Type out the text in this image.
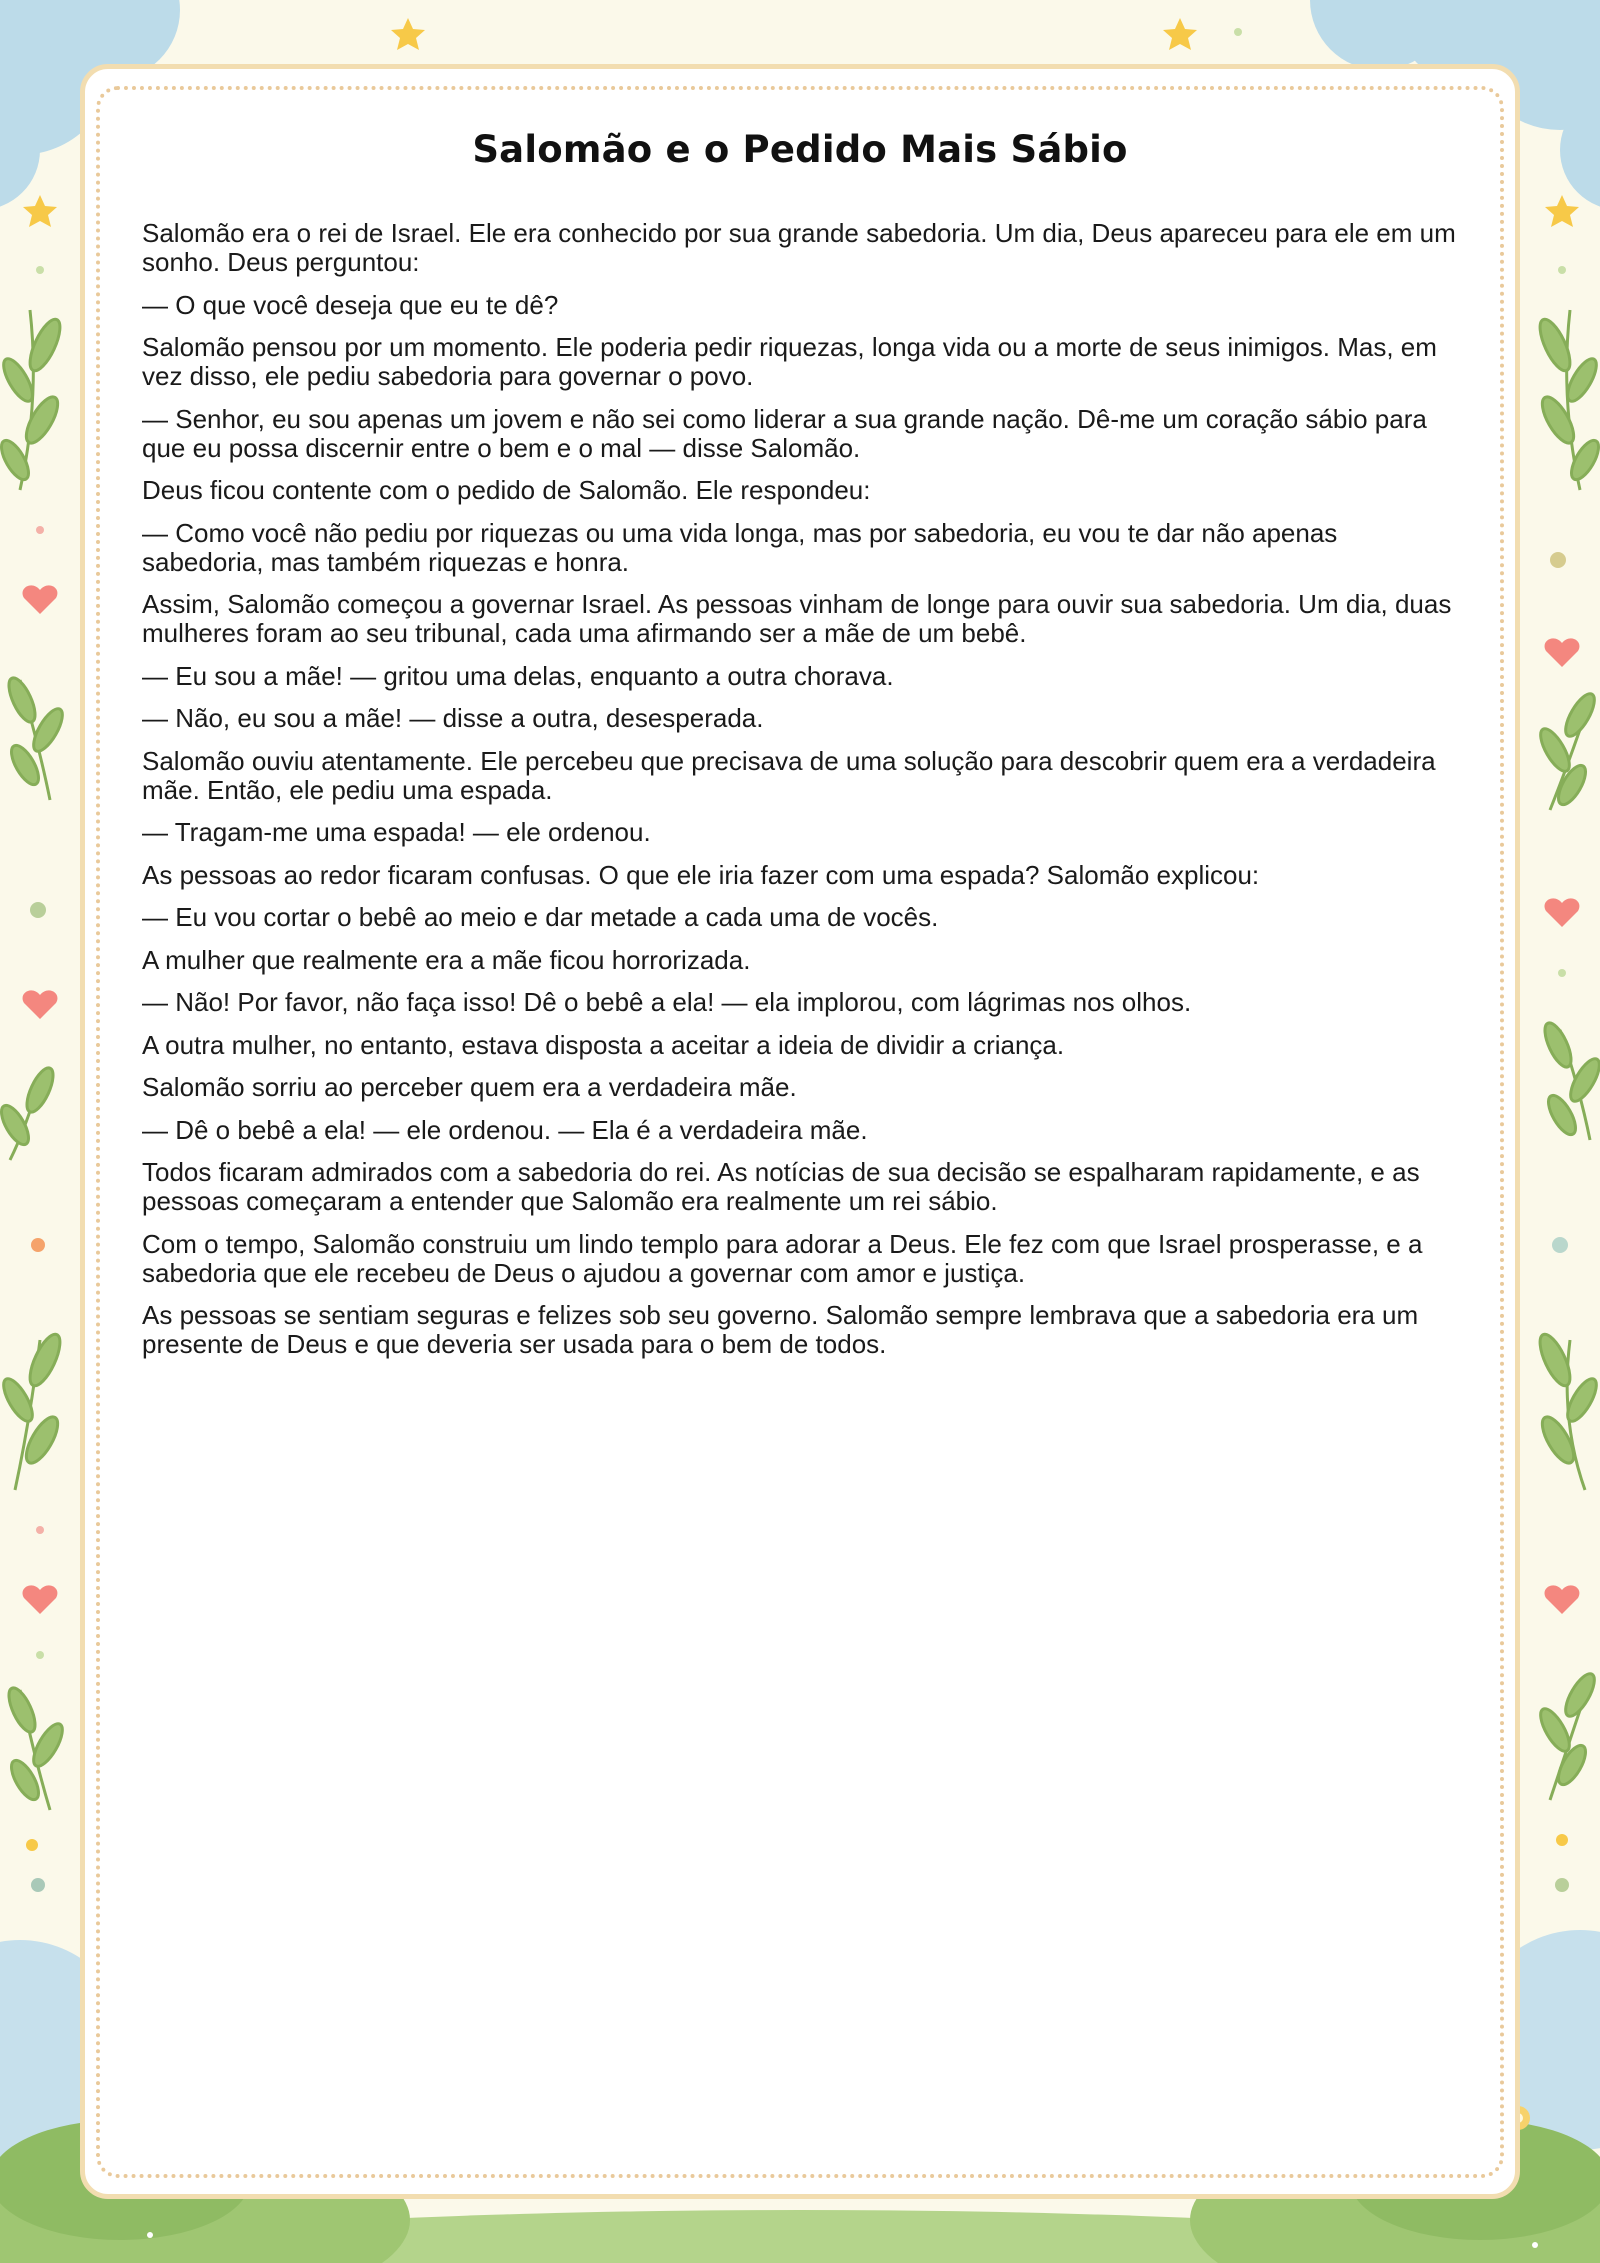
Salomão e o Pedido Mais Sábio

Salomão era o rei de Israel. Ele era conhecido por sua grande sabedoria. Um dia, Deus apareceu para ele em um sonho. Deus perguntou:

— O que você deseja que eu te dê?

Salomão pensou por um momento. Ele poderia pedir riquezas, longa vida ou a morte de seus inimigos. Mas, em vez disso, ele pediu sabedoria para governar o povo.

— Senhor, eu sou apenas um jovem e não sei como liderar a sua grande nação. Dê-me um coração sábio para que eu possa discernir entre o bem e o mal — disse Salomão.

Deus ficou contente com o pedido de Salomão. Ele respondeu:

— Como você não pediu por riquezas ou uma vida longa, mas por sabedoria, eu vou te dar não apenas sabedoria, mas também riquezas e honra.

Assim, Salomão começou a governar Israel. As pessoas vinham de longe para ouvir sua sabedoria. Um dia, duas mulheres foram ao seu tribunal, cada uma afirmando ser a mãe de um bebê.

— Eu sou a mãe! — gritou uma delas, enquanto a outra chorava.

— Não, eu sou a mãe! — disse a outra, desesperada.

Salomão ouviu atentamente. Ele percebeu que precisava de uma solução para descobrir quem era a verdadeira mãe. Então, ele pediu uma espada.

— Tragam-me uma espada! — ele ordenou.

As pessoas ao redor ficaram confusas. O que ele iria fazer com uma espada? Salomão explicou:

— Eu vou cortar o bebê ao meio e dar metade a cada uma de vocês.

A mulher que realmente era a mãe ficou horrorizada.

— Não! Por favor, não faça isso! Dê o bebê a ela! — ela implorou, com lágrimas nos olhos.

A outra mulher, no entanto, estava disposta a aceitar a ideia de dividir a criança.

Salomão sorriu ao perceber quem era a verdadeira mãe.

— Dê o bebê a ela! — ele ordenou. — Ela é a verdadeira mãe.

Todos ficaram admirados com a sabedoria do rei. As notícias de sua decisão se espalharam rapidamente, e as pessoas começaram a entender que Salomão era realmente um rei sábio.

Com o tempo, Salomão construiu um lindo templo para adorar a Deus. Ele fez com que Israel prosperasse, e a sabedoria que ele recebeu de Deus o ajudou a governar com amor e justiça.

As pessoas se sentiam seguras e felizes sob seu governo. Salomão sempre lembrava que a sabedoria era um presente de Deus e que deveria ser usada para o bem de todos.
